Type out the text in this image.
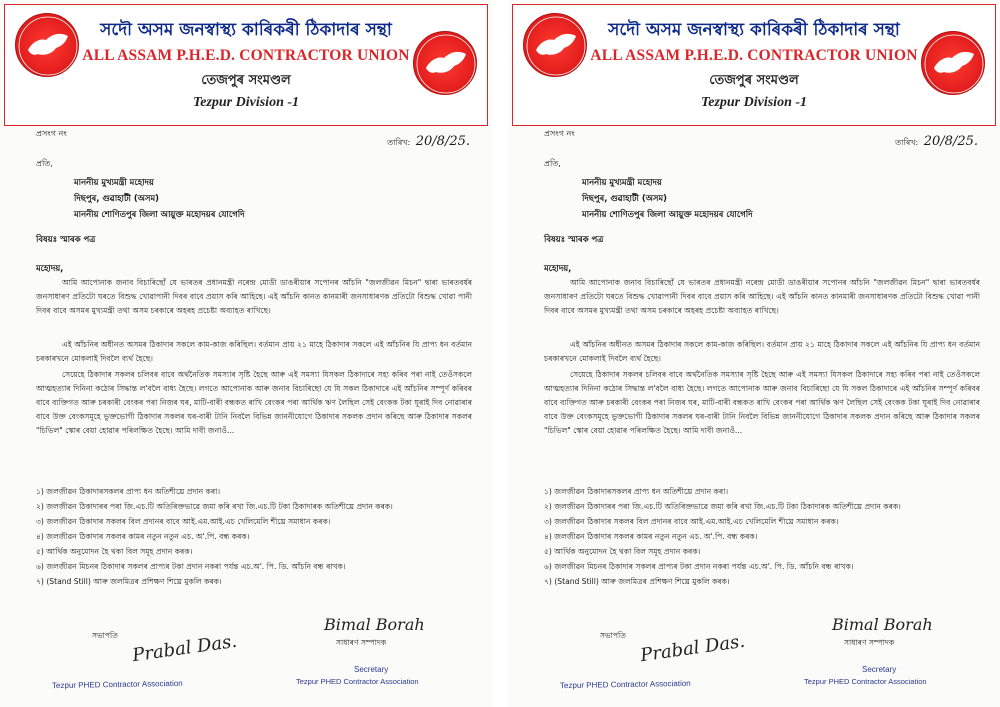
সদৌ অসম জনস্বাস্থ্য কাৰিকৰী ঠিকাদাৰ সন্থা
ALL ASSAM P.H.E.D. CONTRACTOR UNION
তেজপুৰ সংমণ্ডল
Tezpur Division -1
প্ৰসংগ নং
তাৰিখ: 20/8/25.
প্ৰতি,
মাননীয় মুখ্যমন্ত্ৰী মহোদয়
দিছপুৰ, গুৱাহাটী (অসম)
মাননীয় শোণিতপুৰ জিলা আয়ুক্ত মহোদয়ৰ যোগেদি
বিষয়ঃ স্মাৰক পত্ৰ
মহোদয়,

আমি আপোনাক জনাব বিচাৰিছোঁ যে ভাৰতৰ প্ৰধানমন্ত্ৰী নৰেন্দ্ৰ মোডী ডাঙৰীয়াৰ সপোনৰ আঁচনি "জলজীৱন মিচন" দ্বাৰা ভাৰতবৰ্ষৰ জনসাধাৰণ প্ৰতিটো ঘৰতে বিশুদ্ধ খোৱাপানী দিবৰ বাবে প্ৰয়াস কৰি আহিছে। এই আঁচনি কানত কানমাৰী জনসাধাৰণক প্ৰতিটো বিশুদ্ধ খোৱা পানী দিবৰ বাবে অসমৰ মুখ্যমন্ত্ৰী তথা অসম চৰকাৰে অহৰহ প্ৰচেষ্টা অব্যাহত ৰাখিছে।

এই আঁচনিৰ অধীনত অসমৰ ঠিকাদাৰ সকলে কাম-কাজ কৰিছিল। বৰ্তমান প্ৰায় ২১ মাহে ঠিকাদাৰ সকলে এই আঁচনিৰ যি প্ৰাপ্য ধন বৰ্তমান চৰকাৰখনে মোকলাই দিবলৈ ব্যৰ্থ হৈছে।

সেয়েহে ঠিকাদাৰ সকলৰ চলিবৰ বাবে অৰ্থনৈতিক সমস্যাৰ সৃষ্টি হৈছে আৰু এই সমস্যা যিসকল ঠিকাদাৰে সহ্য কৰিব পৰা নাই তেওঁসকলে আত্মহত্যাৰ দিনিনা কঠোৰ সিদ্ধান্ত ল'বলৈ বাধ্য হৈছে। লগতে আপোনাক আৰু জনাব বিচাৰিছো যে যি সকল ঠিকাদাৰে এই আঁচনিৰ সম্পূৰ্ণ কৰিবৰ বাবে ব্যক্তিগত আৰু চৰকাৰী বেংকৰ পৰা নিজৰ ঘৰ, মাটি-বাৰী বন্ধকত ৰাখি বেংকৰ পৰা আৰ্থিক ঋণ লৈছিল সেই বেংকক টকা ঘূৰাই দিব নোৱাৰাৰ বাবে উক্ত বেংকসমূহে ভুক্তভোগী ঠিকাদাৰ সকলৰ ঘৰ-বাৰী টানি নিবলৈ বিভিন্ন জাননীযোগে ঠিকাদাৰ সকলক প্ৰদান কৰিছে আৰু ঠিকাদাৰ সকলৰ "চিভিল" স্কোৰ বেয়া হোৱাৰ পৰিলক্ষিত হৈছে। আমি দাবী জনাওঁ...

১) জলজীৱন ঠিকাদাৰসকলৰ প্ৰাপ্য ধন অতিশীঘ্ৰে প্ৰদান কৰা।
২) জলজীৱন ঠিকাদাৰৰ পৰা জি.এচ.টি অতিৰিক্তভাৱে জমা কৰি ৰখা জি.এচ.টি টকা ঠিকাদাৰক অতিশীঘ্ৰে প্ৰদান কৰক।
৩) জলজীৱন ঠিকাদাৰ সকলৰ বিল প্ৰদানৰ বাবে আই.এম.আই.এচ খেলিমেলি শীঘ্ৰে সমাধান কৰক।
৪) জলজীৱন ঠিকাদাৰ সকলৰ কামৰ নতুন নতুন এচ. অ'.পি. বন্ধ কৰক।
৫) আৰ্থিক অনুমোদন হৈ থকা বিল সমূহ প্ৰদান কৰক।
৬) জলজীৱন মিচনৰ ঠিকাদাৰ সকলৰ প্ৰাপ্যৰ টকা প্ৰদান নকৰা পৰ্যন্ত এচ.অ'. পি. ডি. আঁচনি বন্ধ ৰাখক।
৭) (Stand Still) আৰু জলমিত্ৰৰ প্ৰশিক্ষণ শিঘ্ৰে মুকলি কৰক।
সভাপতি Prabal Das.
Tezpur PHED Contractor Association
Bimal Borah
সাধাৰণ সম্পাদক
Secretary
Tezpur PHED Contractor Association
সদৌ অসম জনস্বাস্থ্য কাৰিকৰী ঠিকাদাৰ সন্থা
ALL ASSAM P.H.E.D. CONTRACTOR UNION
তেজপুৰ সংমণ্ডল
Tezpur Division -1
প্ৰসংগ নং
তাৰিখ: 20/8/25.
প্ৰতি,
মাননীয় মুখ্যমন্ত্ৰী মহোদয়
দিছপুৰ, গুৱাহাটী (অসম)
মাননীয় শোণিতপুৰ জিলা আয়ুক্ত মহোদয়ৰ যোগেদি
বিষয়ঃ স্মাৰক পত্ৰ
মহোদয়,

আমি আপোনাক জনাব বিচাৰিছোঁ যে ভাৰতৰ প্ৰধানমন্ত্ৰী নৰেন্দ্ৰ মোডী ডাঙৰীয়াৰ সপোনৰ আঁচনি "জলজীৱন মিচন" দ্বাৰা ভাৰতবৰ্ষৰ জনসাধাৰণ প্ৰতিটো ঘৰতে বিশুদ্ধ খোৱাপানী দিবৰ বাবে প্ৰয়াস কৰি আহিছে। এই আঁচনি কানত কানমাৰী জনসাধাৰণক প্ৰতিটো বিশুদ্ধ খোৱা পানী দিবৰ বাবে অসমৰ মুখ্যমন্ত্ৰী তথা অসম চৰকাৰে অহৰহ প্ৰচেষ্টা অব্যাহত ৰাখিছে।

এই আঁচনিৰ অধীনত অসমৰ ঠিকাদাৰ সকলে কাম-কাজ কৰিছিল। বৰ্তমান প্ৰায় ২১ মাহে ঠিকাদাৰ সকলে এই আঁচনিৰ যি প্ৰাপ্য ধন বৰ্তমান চৰকাৰখনে মোকলাই দিবলৈ ব্যৰ্থ হৈছে।

সেয়েহে ঠিকাদাৰ সকলৰ চলিবৰ বাবে অৰ্থনৈতিক সমস্যাৰ সৃষ্টি হৈছে আৰু এই সমস্যা যিসকল ঠিকাদাৰে সহ্য কৰিব পৰা নাই তেওঁসকলে আত্মহত্যাৰ দিনিনা কঠোৰ সিদ্ধান্ত ল'বলৈ বাধ্য হৈছে। লগতে আপোনাক আৰু জনাব বিচাৰিছো যে যি সকল ঠিকাদাৰে এই আঁচনিৰ সম্পূৰ্ণ কৰিবৰ বাবে ব্যক্তিগত আৰু চৰকাৰী বেংকৰ পৰা নিজৰ ঘৰ, মাটি-বাৰী বন্ধকত ৰাখি বেংকৰ পৰা আৰ্থিক ঋণ লৈছিল সেই বেংকক টকা ঘূৰাই দিব নোৱাৰাৰ বাবে উক্ত বেংকসমূহে ভুক্তভোগী ঠিকাদাৰ সকলৰ ঘৰ-বাৰী টানি নিবলৈ বিভিন্ন জাননীযোগে ঠিকাদাৰ সকলক প্ৰদান কৰিছে আৰু ঠিকাদাৰ সকলৰ "চিভিল" স্কোৰ বেয়া হোৱাৰ পৰিলক্ষিত হৈছে। আমি দাবী জনাওঁ...

১) জলজীৱন ঠিকাদাৰসকলৰ প্ৰাপ্য ধন অতিশীঘ্ৰে প্ৰদান কৰা।
২) জলজীৱন ঠিকাদাৰৰ পৰা জি.এচ.টি অতিৰিক্তভাৱে জমা কৰি ৰখা জি.এচ.টি টকা ঠিকাদাৰক অতিশীঘ্ৰে প্ৰদান কৰক।
৩) জলজীৱন ঠিকাদাৰ সকলৰ বিল প্ৰদানৰ বাবে আই.এম.আই.এচ খেলিমেলি শীঘ্ৰে সমাধান কৰক।
৪) জলজীৱন ঠিকাদাৰ সকলৰ কামৰ নতুন নতুন এচ. অ'.পি. বন্ধ কৰক।
৫) আৰ্থিক অনুমোদন হৈ থকা বিল সমূহ প্ৰদান কৰক।
৬) জলজীৱন মিচনৰ ঠিকাদাৰ সকলৰ প্ৰাপ্যৰ টকা প্ৰদান নকৰা পৰ্যন্ত এচ.অ'. পি. ডি. আঁচনি বন্ধ ৰাখক।
৭) (Stand Still) আৰু জলমিত্ৰৰ প্ৰশিক্ষণ শিঘ্ৰে মুকলি কৰক।
সভাপতি Prabal Das.
Tezpur PHED Contractor Association
Bimal Borah
সাধাৰণ সম্পাদক
Secretary
Tezpur PHED Contractor Association
